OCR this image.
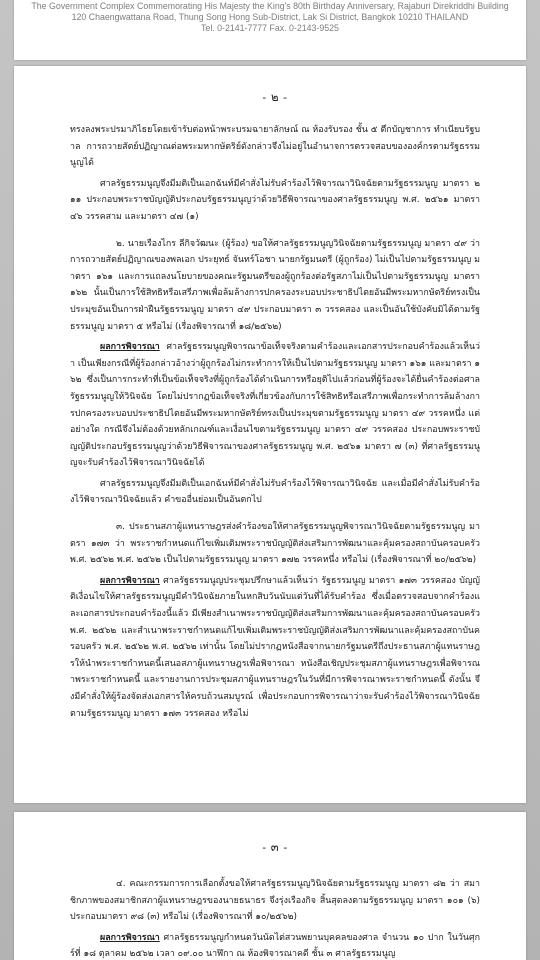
The Government Complex Commemorating His Majesty the King's 80th Birthday Anniversary, Rajaburi Direkriddhi Building
120 Chaengwattana Road, Thung Song Hong Sub-District, Lak Si District, Bangkok 10210 THAILAND
Tel. 0-2141-7777 Fax. 0-2143-9525
- ๒ -

ทรงลงพระปรมาภิไธยโดยเข้ารับต่อหน้าพระบรมฉายาลักษณ์ ณ ห้องรับรอง ชั้น ๕ ตึกบัญชาการ ทำเนียบรัฐบาล การถวายสัตย์ปฏิญาณต่อพระมหากษัตริย์ดังกล่าวจึงไม่อยู่ในอำนาจการตรวจสอบขององค์กรตามรัฐธรรมนูญได้

ศาลรัฐธรรมนูญจึงมีมติเป็นเอกฉันท์มีคำสั่งไม่รับคำร้องไว้พิจารณาวินิจฉัยตามรัฐธรรมนูญ มาตรา ๒๑๑ ประกอบพระราชบัญญัติประกอบรัฐธรรมนูญว่าด้วยวิธีพิจารณาของศาลรัฐธรรมนูญ พ.ศ. ๒๕๖๑ มาตรา ๔๖ วรรคสาม และมาตรา ๔๗ (๑)

๒. นายเรืองไกร ลีกิจวัฒนะ (ผู้ร้อง) ขอให้ศาลรัฐธรรมนูญวินิจฉัยตามรัฐธรรมนูญ มาตรา ๔๙ ว่า การถวายสัตย์ปฏิญาณของพลเอก ประยุทธ์ จันทร์โอชา นายกรัฐมนตรี (ผู้ถูกร้อง) ไม่เป็นไปตามรัฐธรรมนูญ มาตรา ๑๖๑ และการแถลงนโยบายของคณะรัฐมนตรีของผู้ถูกร้องต่อรัฐสภาไม่เป็นไปตามรัฐธรรมนูญ มาตรา ๑๖๒ นั้นเป็นการใช้สิทธิหรือเสรีภาพเพื่อล้มล้างการปกครองระบอบประชาธิปไตยอันมีพระมหากษัตริย์ทรงเป็นประมุขอันเป็นการฝ่าฝืนรัฐธรรมนูญ มาตรา ๔๙ ประกอบมาตรา ๓ วรรคสอง และเป็นอันใช้บังคับมิได้ตามรัฐธรรมนูญ มาตรา ๕ หรือไม่ (เรื่องพิจารณาที่ ๑๘/๒๕๖๒)

ผลการพิจารณา ศาลรัฐธรรมนูญพิจารณาข้อเท็จจริงตามคำร้องและเอกสารประกอบคำร้องแล้วเห็นว่า เป็นเพียงกรณีที่ผู้ร้องกล่าวอ้างว่าผู้ถูกร้องไม่กระทำการให้เป็นไปตามรัฐธรรมนูญ มาตรา ๑๖๑ และมาตรา ๑๖๒ ซึ่งเป็นการกระทำที่เป็นข้อเท็จจริงที่ผู้ถูกร้องได้ดำเนินการหรือยุติไปแล้วก่อนที่ผู้ร้องจะได้ยื่นคำร้องต่อศาลรัฐธรรมนูญให้วินิจฉัย โดยไม่ปรากฏข้อเท็จจริงที่เกี่ยวข้องกับการใช้สิทธิหรือเสรีภาพเพื่อกระทำการล้มล้างการปกครองระบอบประชาธิปไตยอันมีพระมหากษัตริย์ทรงเป็นประมุขตามรัฐธรรมนูญ มาตรา ๔๙ วรรคหนึ่ง แต่อย่างใด กรณีจึงไม่ต้องด้วยหลักเกณฑ์และเงื่อนไขตามรัฐธรรมนูญ มาตรา ๔๙ วรรคสอง ประกอบพระราชบัญญัติประกอบรัฐธรรมนูญว่าด้วยวิธีพิจารณาของศาลรัฐธรรมนูญ พ.ศ. ๒๕๖๑ มาตรา ๗ (๓) ที่ศาลรัฐธรรมนูญจะรับคำร้องไว้พิจารณาวินิจฉัยได้

ศาลรัฐธรรมนูญจึงมีมติเป็นเอกฉันท์มีคำสั่งไม่รับคำร้องไว้พิจารณาวินิจฉัย และเมื่อมีคำสั่งไม่รับคำร้องไว้พิจารณาวินิจฉัยแล้ว คำขออื่นย่อมเป็นอันตกไป

๓. ประธานสภาผู้แทนราษฎรส่งคำร้องขอให้ศาลรัฐธรรมนูญพิจารณาวินิจฉัยตามรัฐธรรมนูญ มาตรา ๑๗๓ ว่า พระราชกำหนดแก้ไขเพิ่มเติมพระราชบัญญัติส่งเสริมการพัฒนาและคุ้มครองสถาบันครอบครัว พ.ศ. ๒๕๖๒ พ.ศ. ๒๕๖๒ เป็นไปตามรัฐธรรมนูญ มาตรา ๑๗๒ วรรคหนึ่ง หรือไม่ (เรื่องพิจารณาที่ ๒๐/๒๕๖๒)

ผลการพิจารณา ศาลรัฐธรรมนูญประชุมปรึกษาแล้วเห็นว่า รัฐธรรมนูญ มาตรา ๑๗๓ วรรคสอง บัญญัติเงื่อนไขให้ศาลรัฐธรรมนูญมีคำวินิจฉัยภายในหกสิบวันนับแต่วันที่ได้รับคำร้อง ซึ่งเมื่อตรวจสอบจากคำร้องและเอกสารประกอบคำร้องนี้แล้ว มีเพียงสำเนาพระราชบัญญัติส่งเสริมการพัฒนาและคุ้มครองสถาบันครอบครัว พ.ศ. ๒๕๖๒ และสำเนาพระราชกำหนดแก้ไขเพิ่มเติมพระราชบัญญัติส่งเสริมการพัฒนาและคุ้มครองสถาบันครอบครัว พ.ศ. ๒๕๖๒ พ.ศ. ๒๕๖๒ เท่านั้น โดยไม่ปรากฏหนังสือจากนายกรัฐมนตรีถึงประธานสภาผู้แทนราษฎรให้นำพระราชกำหนดนี้เสนอสภาผู้แทนราษฎรเพื่อพิจารณา หนังสือเชิญประชุมสภาผู้แทนราษฎรเพื่อพิจารณาพระราชกำหนดนี้ และรายงานการประชุมสภาผู้แทนราษฎรในวันที่มีการพิจารณาพระราชกำหนดนี้ ดังนั้น จึงมีคำสั่งให้ผู้ร้องจัดส่งเอกสารให้ครบถ้วนสมบูรณ์ เพื่อประกอบการพิจารณาว่าจะรับคำร้องไว้พิจารณาวินิจฉัยตามรัฐธรรมนูญ มาตรา ๑๗๓ วรรคสอง หรือไม่

- ๓ -

๔. คณะกรรมการการเลือกตั้งขอให้ศาลรัฐธรรมนูญวินิจฉัยตามรัฐธรรมนูญ มาตรา ๘๒ ว่า สมาชิกภาพของสมาชิกสภาผู้แทนราษฎรของนายธนาธร จึงรุ่งเรืองกิจ สิ้นสุดลงตามรัฐธรรมนูญ มาตรา ๑๐๑ (๖) ประกอบมาตรา ๙๘ (๓) หรือไม่ (เรื่องพิจารณาที่ ๑๐/๒๕๖๒)

ผลการพิจารณา ศาลรัฐธรรมนูญกำหนดวันนัดไต่สวนพยานบุคคลของศาล จำนวน ๑๐ ปาก ในวันศุกร์ที่ ๑๘ ตุลาคม ๒๕๖๒ เวลา ๐๙.๐๐ นาฬิกา ณ ห้องพิจารณาคดี ชั้น ๓ ศาลรัฐธรรมนูญ
